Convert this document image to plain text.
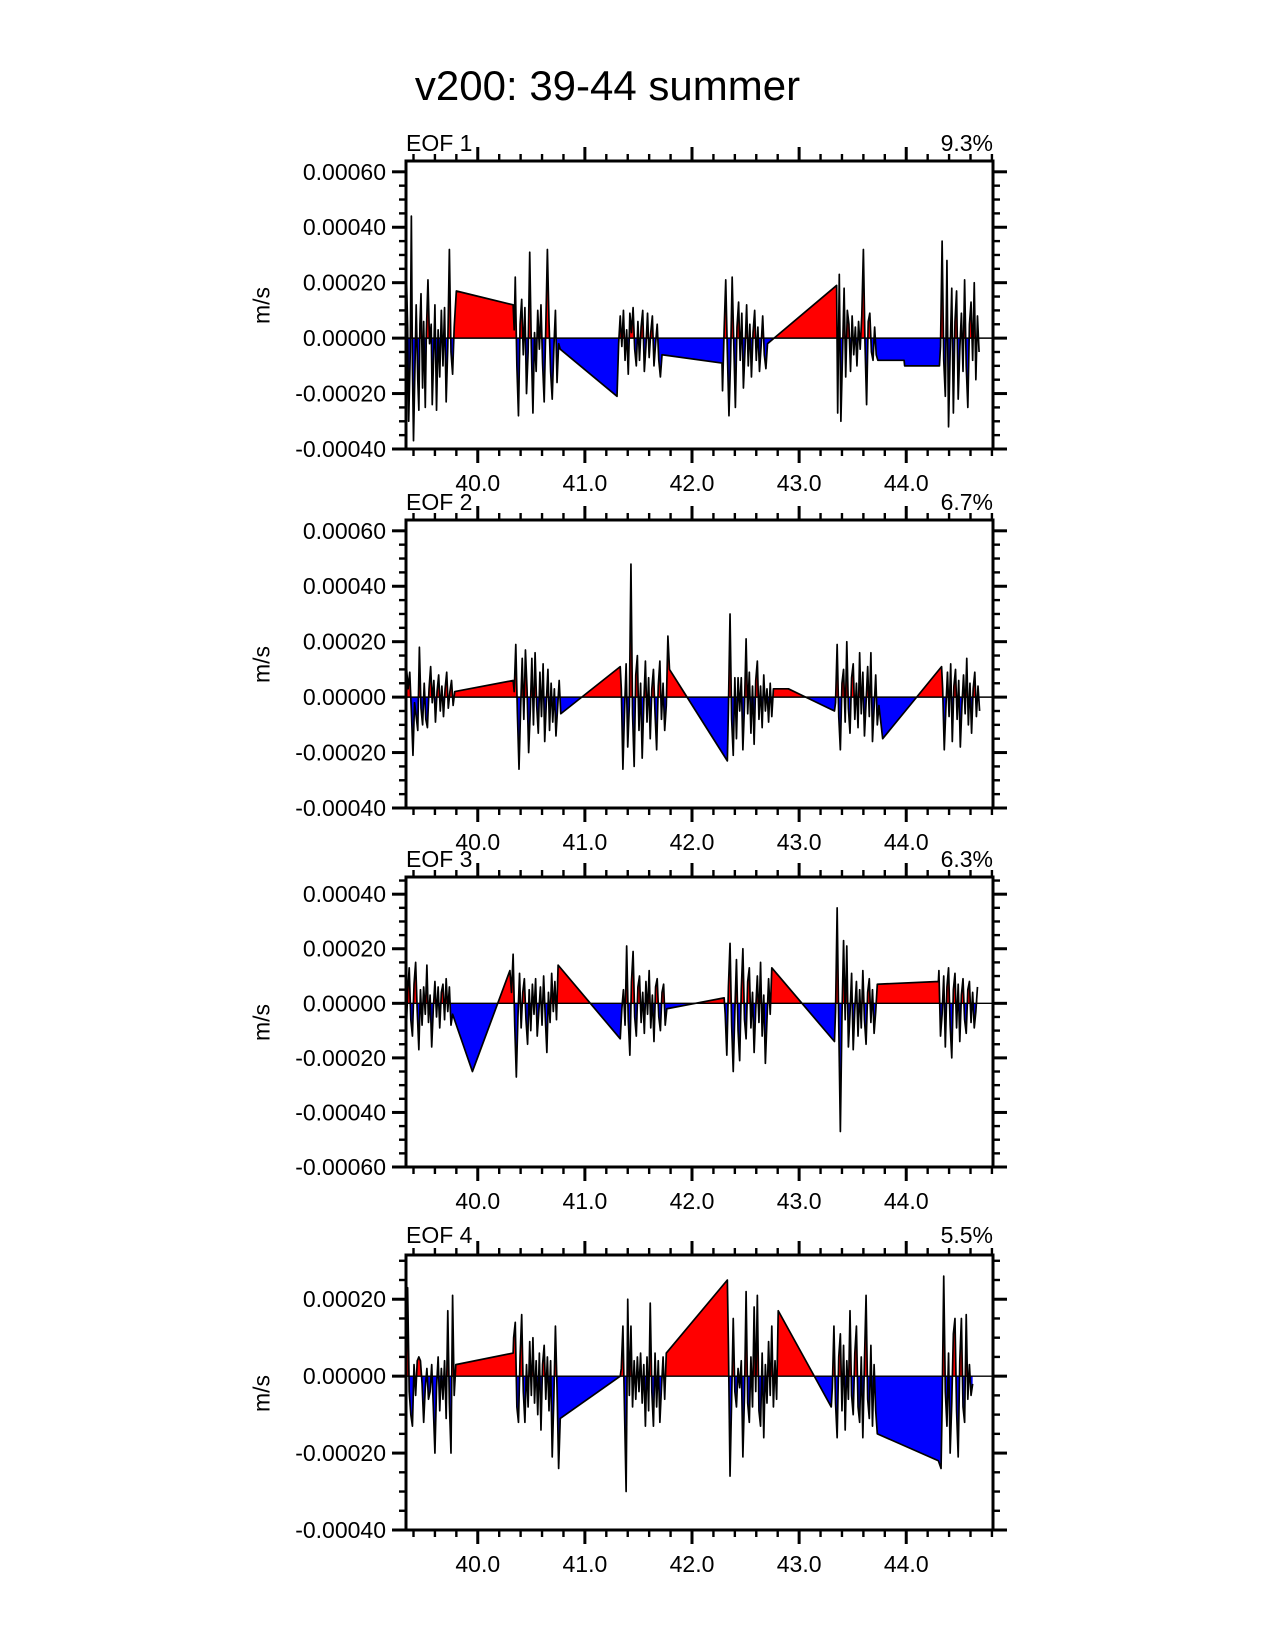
v200: 39-44 summer
EOF 1	9.3%
m/s
EOF 2	6.7%
m/s
EOF 3	6.3%
m/s
EOF 4	5.5%
m/s
40.0	41.0	42.0	43.0	44.0
0.00060
0.00040
0.00020
0.00000
-0.00020
-0.00040
40.0	41.0	42.0	43.0	44.0
0.00060
0.00040
0.00020
0.00000
-0.00020
-0.00040
40.0	41.0	42.0	43.0	44.0
0.00040
0.00020
0.00000
-0.00020
-0.00040
-0.00060
40.0	41.0	42.0	43.0	44.0
0.00020
0.00000
-0.00020
-0.00040
